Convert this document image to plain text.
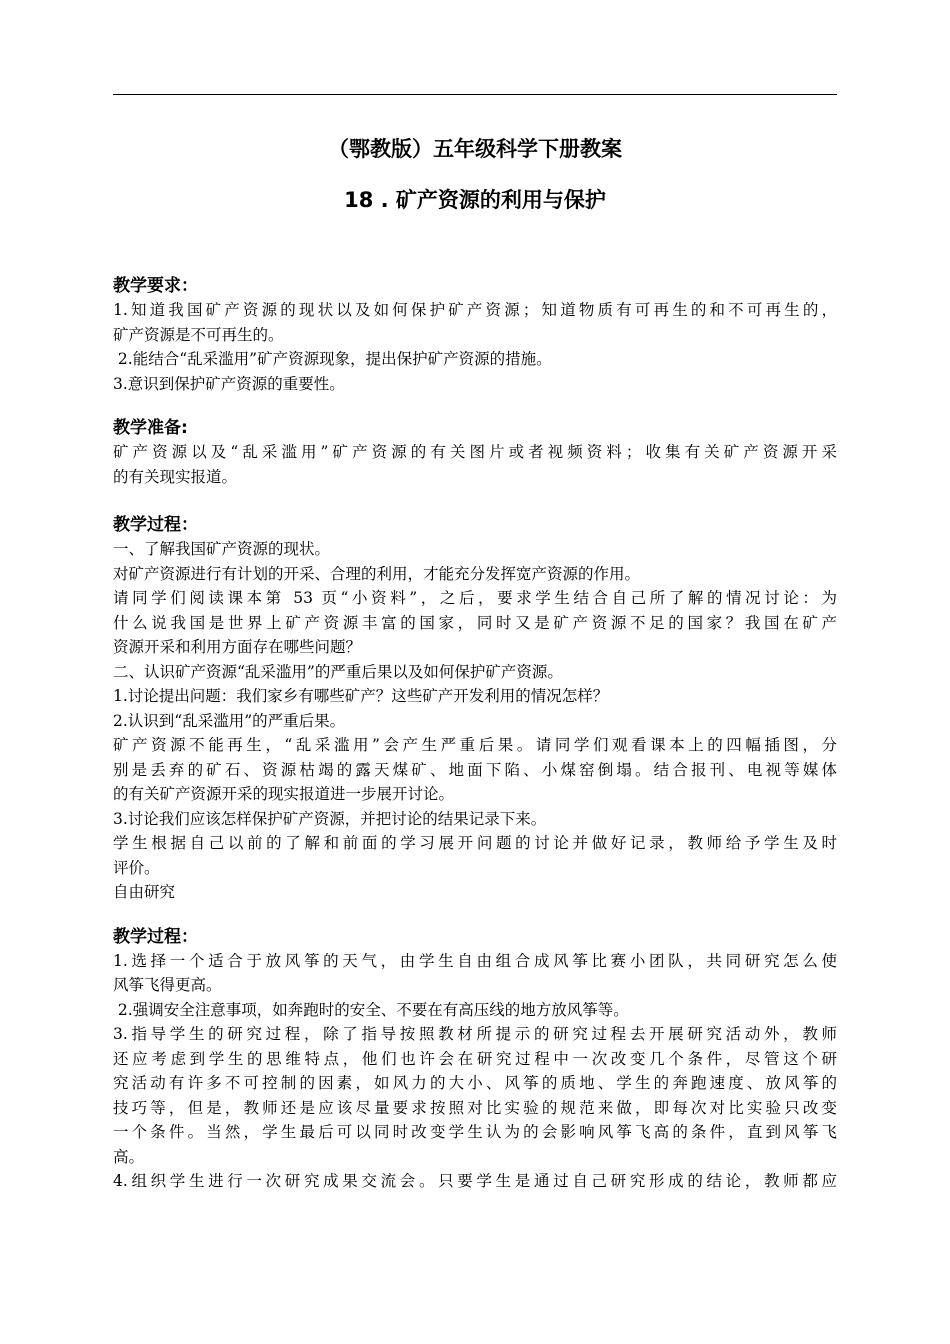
（鄂教版）五年级科学下册教案
18 . 矿产资源的利用与保护
教学要求：
1.知道我国矿产资源的现状以及如何保护矿产资源；知道物质有可再生的和不可再生的，
矿产资源是不可再生的。
2.能结合“乱采滥用”矿产资源现象，提出保护矿产资源的措施。
3.意识到保护矿产资源的重要性。
教学准备:
矿产资源以及“乱采滥用”矿产资源的有关图片或者视频资料；收集有关矿产资源开采
的有关现实报道。
教学过程：
一、了解我国矿产资源的现状。
对矿产资源进行有计划的开采、合理的利用，才能充分发挥宽产资源的作用。
请同学们阅读课本第 53 页“小资料”，之后，要求学生结合自己所了解的情况讨论：为
什么说我国是世界上矿产资源丰富的国家，同时又是矿产资源不足的国家？我国在矿产
资源开采和利用方面存在哪些问题？
二、认识矿产资源“乱采滥用”的严重后果以及如何保护矿产资源。
1.讨论提出问题：我们家乡有哪些矿产？这些矿产开发利用的情况怎样？
2.认识到“乱采滥用”的严重后果。
矿产资源不能再生，“乱采滥用”会产生严重后果。请同学们观看课本上的四幅插图，分
别是丢弃的矿石、资源枯竭的露天煤矿、地面下陷、小煤窑倒塌。结合报刊、电视等媒体
的有关矿产资源开采的现实报道进一步展开讨论。
3.讨论我们应该怎样保护矿产资源，并把讨论的结果记录下来。
学生根据自己以前的了解和前面的学习展开问题的讨论并做好记录，教师给予学生及时
评价。
自由研究
教学过程：
1.选择一个适合于放风筝的天气，由学生自由组合成风筝比赛小团队，共同研究怎么使
风筝飞得更高。
2.强调安全注意事项，如奔跑时的安全、不要在有高压线的地方放风筝等。
3.指导学生的研究过程，除了指导按照教材所提示的研究过程去开展研究活动外，教师
还应考虑到学生的思维特点，他们也许会在研究过程中一次改变几个条件，尽管这个研
究活动有许多不可控制的因素，如风力的大小、风筝的质地、学生的奔跑速度、放风筝的
技巧等，但是，教师还是应该尽量要求按照对比实验的规范来做，即每次对比实验只改变
一个条件。当然，学生最后可以同时改变学生认为的会影响风筝飞高的条件，直到风筝飞
高。
4.组织学生进行一次研究成果交流会。只要学生是通过自己研究形成的结论，教师都应
